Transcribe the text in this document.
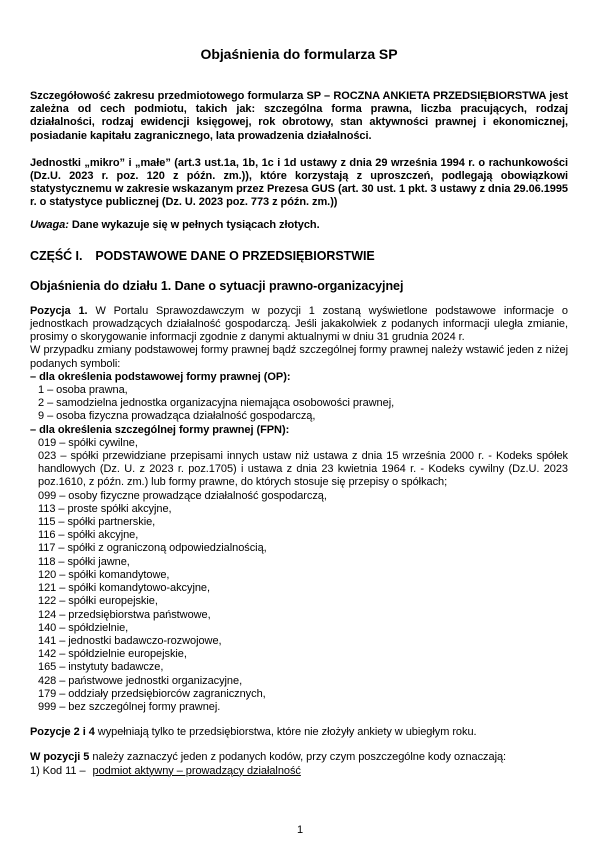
Objaśnienia do formularza SP

Szczegółowość zakresu przedmiotowego formularza SP – ROCZNA ANKIETA PRZEDSIĘBIORSTWA jest zależna od cech podmiotu, takich jak: szczególna forma prawna, liczba pracujących, rodzaj działalności, rodzaj ewidencji księgowej, rok obrotowy, stan aktywności prawnej i ekonomicznej, posiadanie kapitału zagranicznego, lata prowadzenia działalności.

Jednostki „mikro” i „małe” (art.3 ust.1a, 1b, 1c i 1d ustawy z dnia 29 września 1994 r. o rachunkowości (Dz.U. 2023 r. poz. 120 z późn. zm.)), które korzystają z uproszczeń, podlegają obowiązkowi statystycznemu w zakresie wskazanym przez Prezesa GUS (art. 30 ust. 1 pkt. 3 ustawy z dnia 29.06.1995 r. o statystyce publicznej (Dz. U. 2023 poz. 773 z późn. zm.))

Uwaga: Dane wykazuje się w pełnych tysiącach złotych.

CZĘŚĆ I. PODSTAWOWE DANE O PRZEDSIĘBIORSTWIE
Objaśnienia do działu 1. Dane o sytuacji prawno-organizacyjnej

Pozycja 1. W Portalu Sprawozdawczym w pozycji 1 zostaną wyświetlone podstawowe informacje o jednostkach prowadzących działalność gospodarczą. Jeśli jakakolwiek z podanych informacji uległa zmianie, prosimy o skorygowanie informacji zgodnie z danymi aktualnymi w dniu 31 grudnia 2024 r.

W przypadku zmiany podstawowej formy prawnej bądź szczególnej formy prawnej należy wstawić jeden z niżej podanych symboli:

– dla określenia podstawowej formy prawnej (OP):
1 – osoba prawna,
2 – samodzielna jednostka organizacyjna niemająca osobowości prawnej,
9 – osoba fizyczna prowadząca działalność gospodarczą,
– dla określenia szczególnej formy prawnej (FPN):
019 – spółki cywilne,
023 – spółki przewidziane przepisami innych ustaw niż ustawa z dnia 15 września 2000 r. - Kodeks spółek handlowych (Dz. U. z 2023 r. poz.1705) i ustawa z dnia 23 kwietnia 1964 r. - Kodeks cywilny (Dz.U. 2023 poz.1610, z późn. zm.) lub formy prawne, do których stosuje się przepisy o spółkach;
099 – osoby fizyczne prowadzące działalność gospodarczą,
113 – proste spółki akcyjne,
115 – spółki partnerskie,
116 – spółki akcyjne,
117 – spółki z ograniczoną odpowiedzialnością,
118 – spółki jawne,
120 – spółki komandytowe,
121 – spółki komandytowo-akcyjne,
122 – spółki europejskie,
124 – przedsiębiorstwa państwowe,
140 – spółdzielnie,
141 – jednostki badawczo-rozwojowe,
142 – spółdzielnie europejskie,
165 – instytuty badawcze,
428 – państwowe jednostki organizacyjne,
179 – oddziały przedsiębiorców zagranicznych,
999 – bez szczególnej formy prawnej.

Pozycje 2 i 4 wypełniają tylko te przedsiębiorstwa, które nie złożyły ankiety w ubiegłym roku.

W pozycji 5 należy zaznaczyć jeden z podanych kodów, przy czym poszczególne kody oznaczają:

1) Kod 11 – podmiot aktywny – prowadzący działalność

1
